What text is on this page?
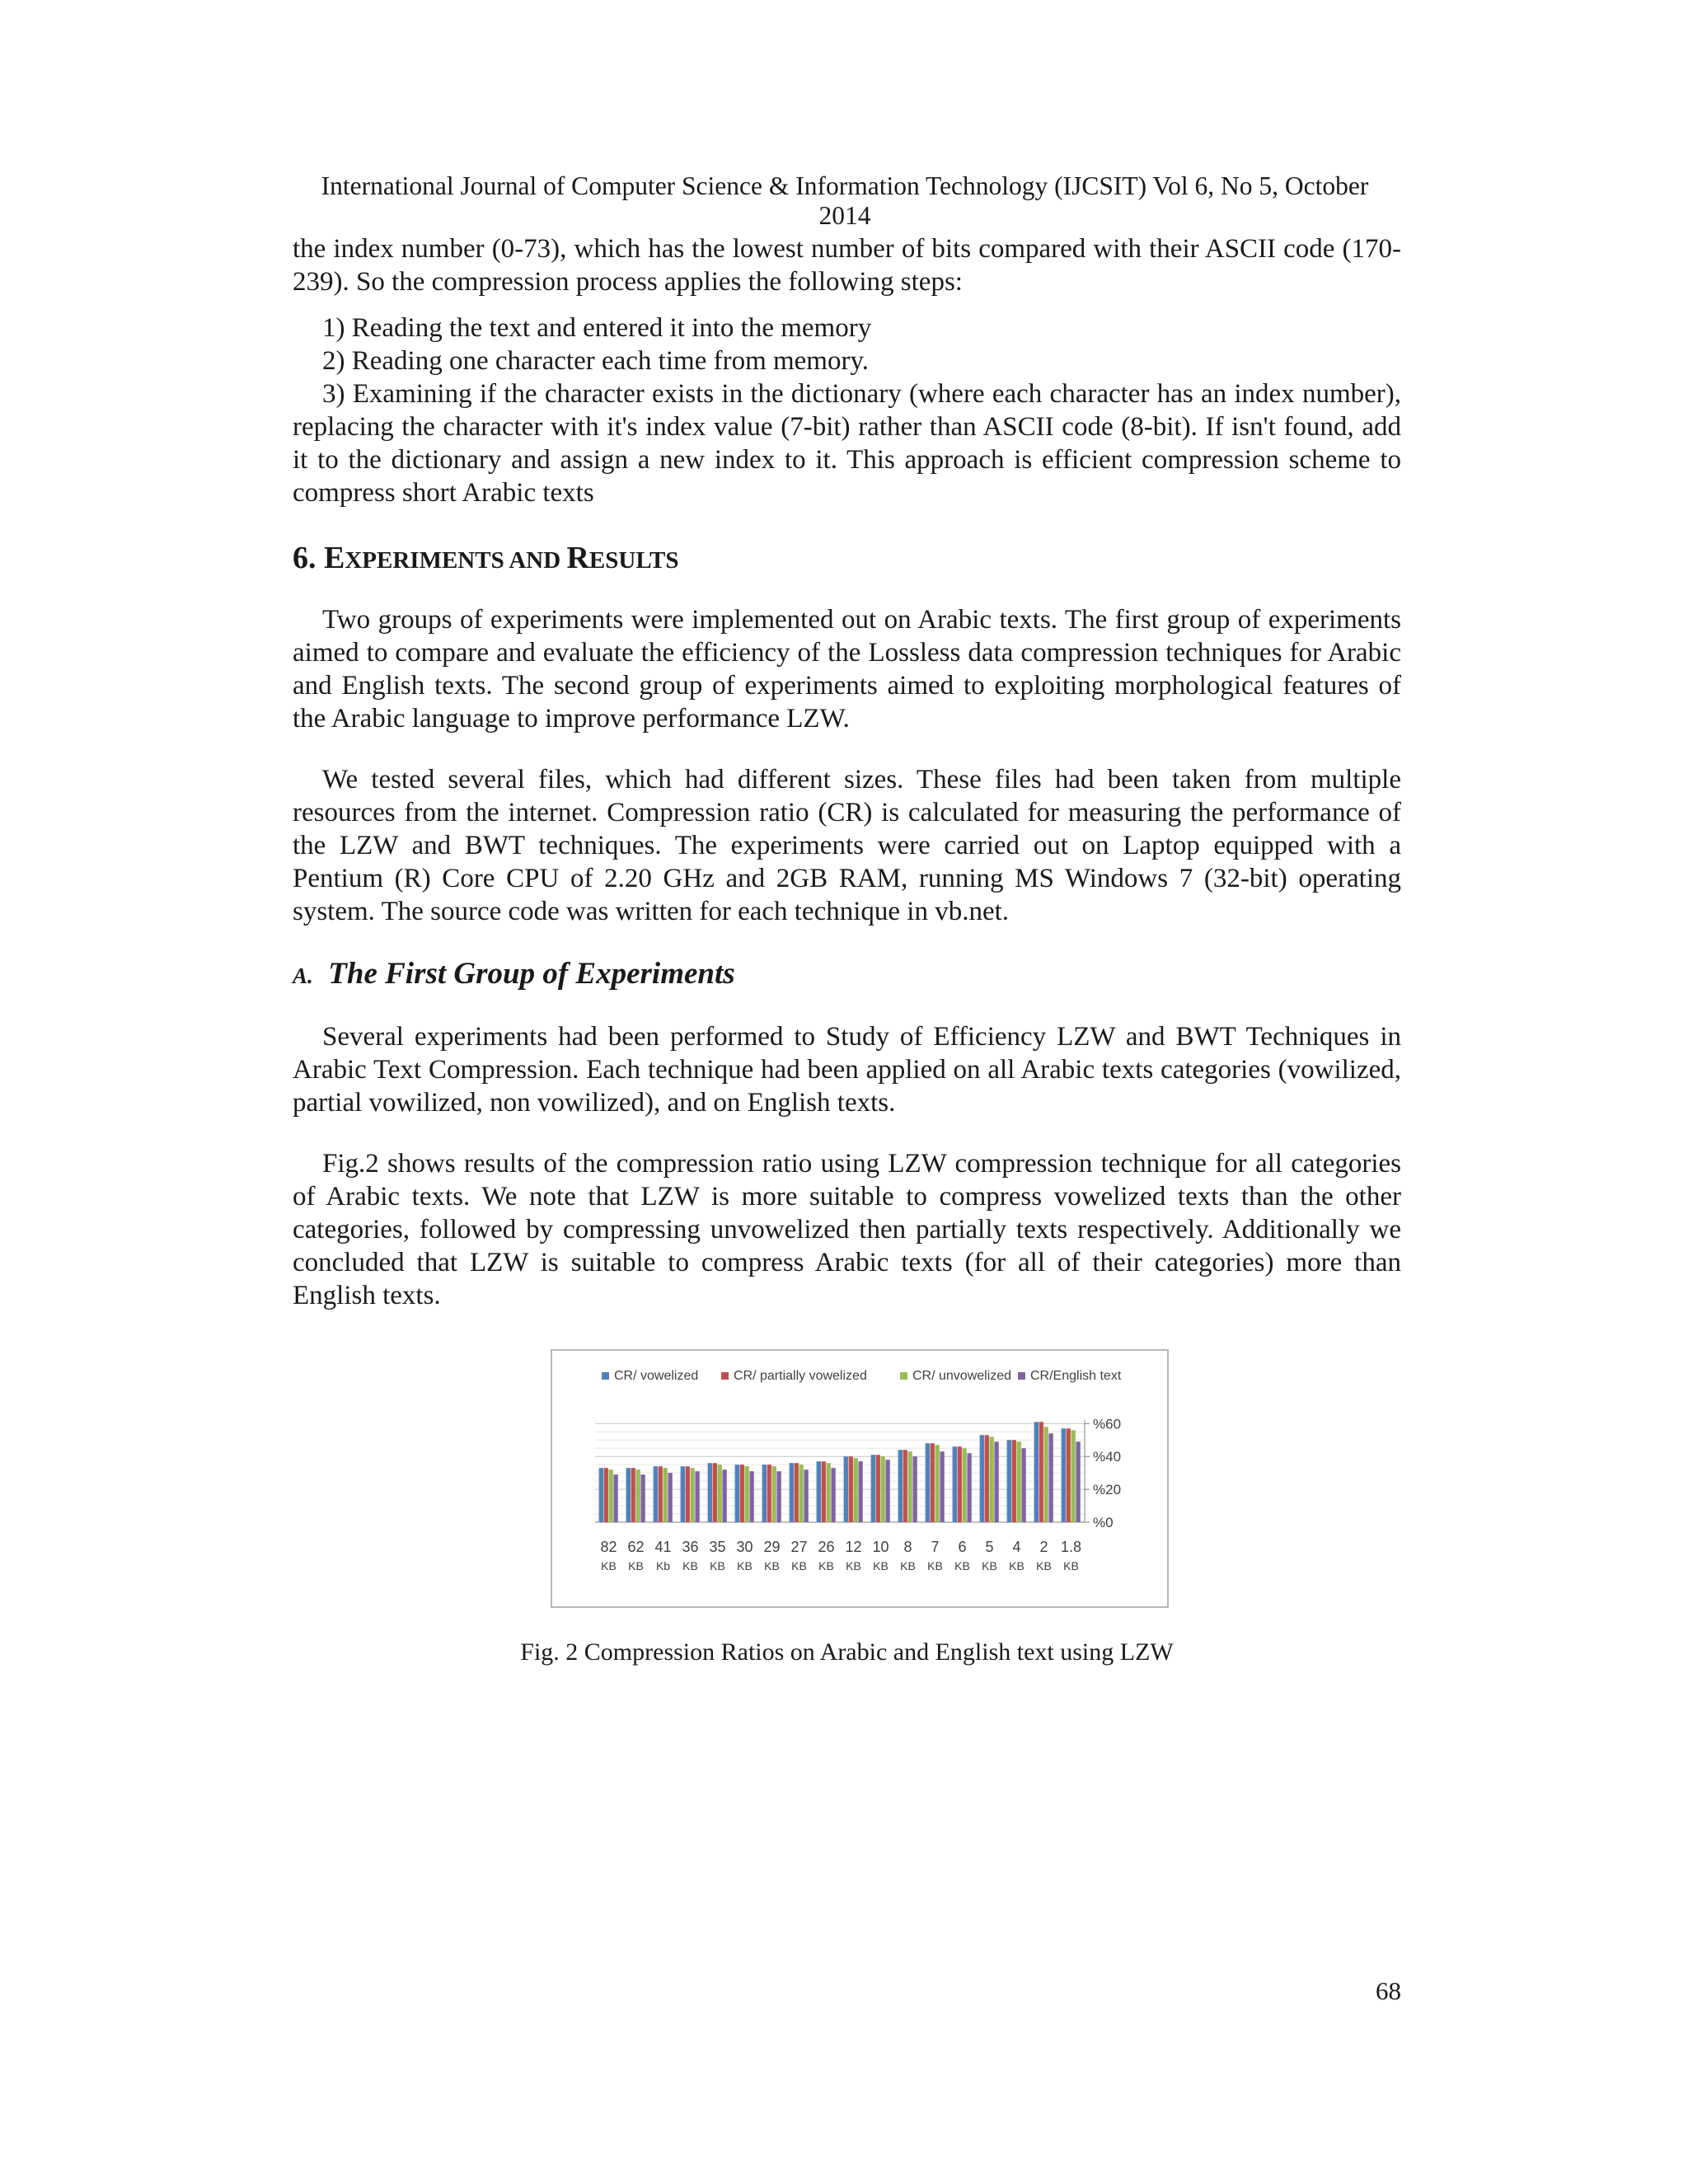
International Journal of Computer Science & Information Technology (IJCSIT) Vol 6, No 5, October 2014

the index number (0-73), which has the lowest number of bits compared with their ASCII code (170-239). So the compression process applies the following steps:

1) Reading the text and entered it into the memory

2) Reading one character each time from memory.

3) Examining if the character exists in the dictionary (where each character has an index number), replacing the character with it's index value (7-bit) rather than ASCII code (8-bit). If isn't found, add it to the dictionary and assign a new index to it. This approach is efficient compression scheme to compress short Arabic texts

6. EXPERIMENTS AND RESULTS

Two groups of experiments were implemented out on Arabic texts. The first group of experiments aimed to compare and evaluate the efficiency of the Lossless data compression techniques for Arabic and English texts. The second group of experiments aimed to exploiting morphological features of the Arabic language to improve performance LZW.

We tested several files, which had different sizes. These files had been taken from multiple resources from the internet. Compression ratio (CR) is calculated for measuring the performance of the LZW and BWT techniques. The experiments were carried out on Laptop equipped with a Pentium (R) Core CPU of 2.20 GHz and 2GB RAM, running MS Windows 7 (32-bit) operating system. The source code was written for each technique in vb.net.

A. The First Group of Experiments

Several experiments had been performed to Study of Efficiency LZW and BWT Techniques in Arabic Text Compression. Each technique had been applied on all Arabic texts categories (vowilized, partial vowilized, non vowilized), and on English texts.

Fig.2 shows results of the compression ratio using LZW compression technique for all categories of Arabic texts. We note that LZW is more suitable to compress vowelized texts than the other categories, followed by compressing unvowelized then partially texts respectively. Additionally we concluded that LZW is suitable to compress Arabic texts (for all of their categories) more than English texts.

CR/ vowelized	CR/ partially vowelized	CR/ unvowelized CR/English text
%0
%20
%40
%60
82
KB
62
KB
41
Kb
36
KB
35
KB
30
KB
29
KB
27
KB
26
KB
12
KB
10
KB
8
KB
7
KB
6
KB
5
KB
4
KB
2
KB
1.8
KB
Fig. 2 Compression Ratios on Arabic and English text using LZW
68
